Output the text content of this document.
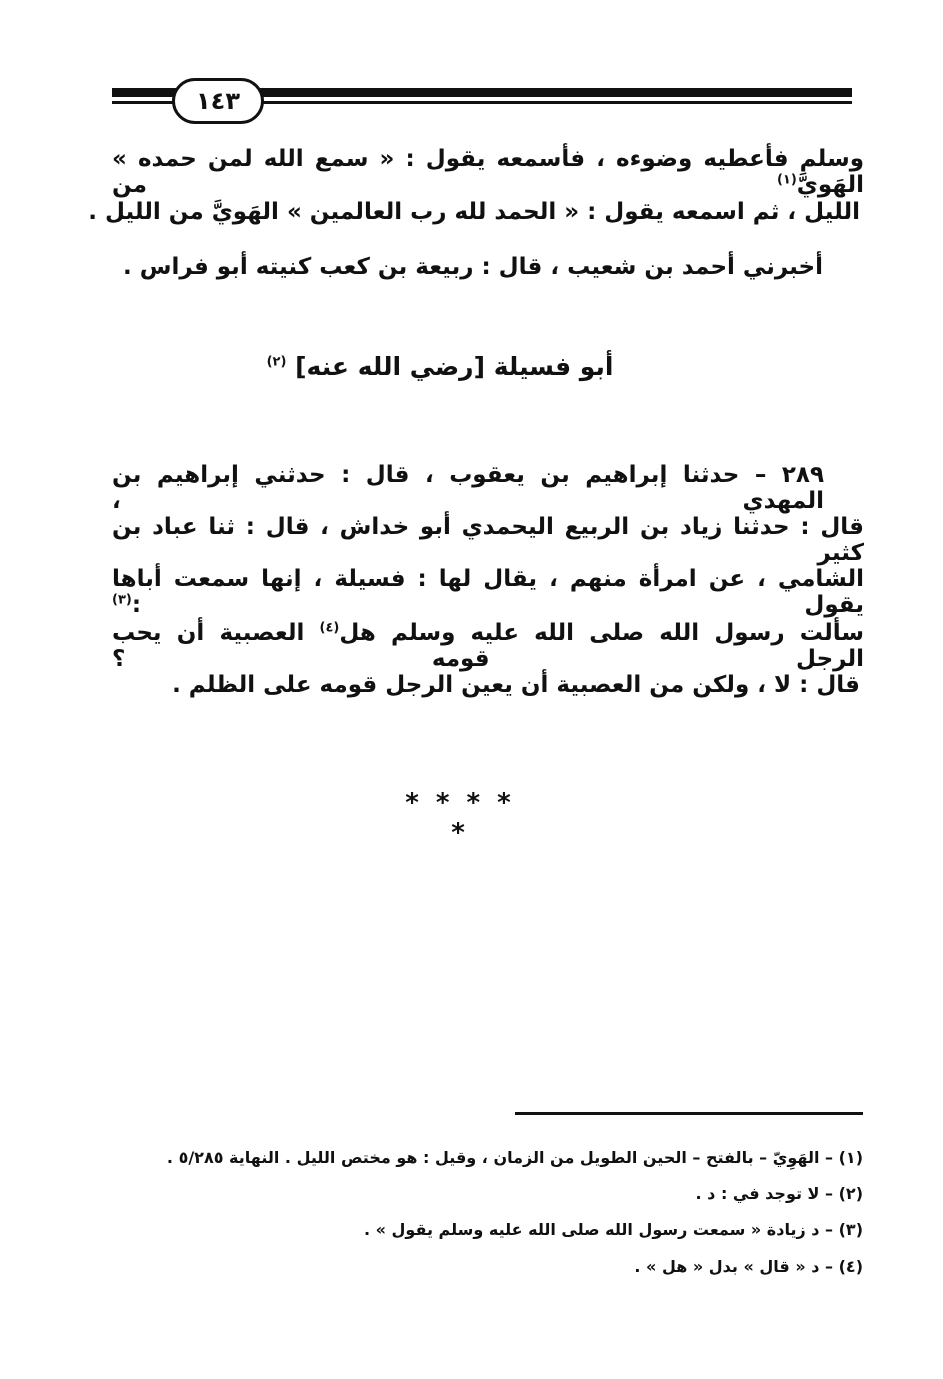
١٤٣
وسلم فأعطيه وضوءه ، فأسمعه يقول : « سمع الله لمن حمده » الهَويَّ$^{(١)}$ من
الليل ، ثم اسمعه يقول : « الحمد لله رب العالمين » الهَويَّ من الليل .
أخبرني أحمد بن شعيب ، قال : ربيعة بن كعب كنيته أبو فراس .
أبو فسيلة [رضي الله عنه] $^{(٢)}$
٢٨٩ – حدثنا إبراهيم بن يعقوب ، قال : حدثني إبراهيم بن المهدي ،
قال : حدثنا زياد بن الربيع اليحمدي أبو خداش ، قال : ثنا عباد بن كثير
الشامي ، عن امرأة منهم ، يقال لها : فسيلة ، إنها سمعت أباها يقول :$^{(٣)}$
سألت رسول الله صلى الله عليه وسلم هل$^{(٤)}$ العصبية أن يحب الرجل قومه ؟
قال : لا ، ولكن من العصبية أن يعين الرجل قومه على الظلم .
* * * * *
(١) – الهَوِيّ – بالفتح – الحين الطويل من الزمان ، وقيل : هو مختص الليل . النهاية ٥/٢٨٥ .
(٢) – لا توجد في : د .
(٣) – د زيادة « سمعت رسول الله صلى الله عليه وسلم يقول » .
(٤) – د « قال » بدل « هل » .
